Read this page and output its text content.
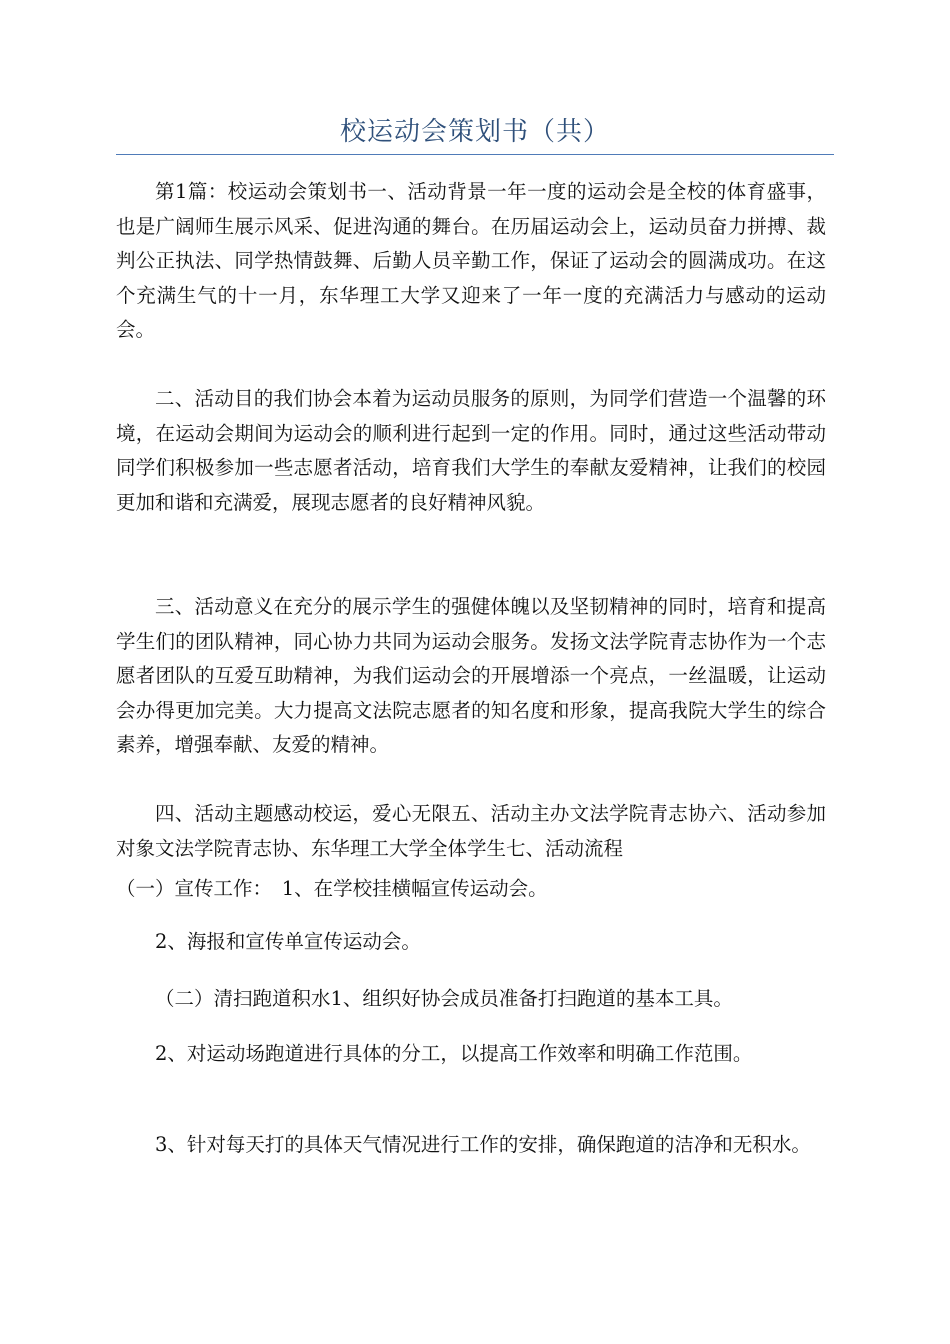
校运动会策划书（共）

第1篇：校运动会策划书一、活动背景一年一度的运动会是全校的体育盛事，也是广阔师生展示风采、促进沟通的舞台。在历届运动会上，运动员奋力拼搏、裁判公正执法、同学热情鼓舞、后勤人员辛勤工作，保证了运动会的圆满成功。在这个充满生气的十一月，东华理工大学又迎来了一年一度的充满活力与感动的运动会。

二、活动目的我们协会本着为运动员服务的原则，为同学们营造一个温馨的环境，在运动会期间为运动会的顺利进行起到一定的作用。同时，通过这些活动带动同学们积极参加一些志愿者活动，培育我们大学生的奉献友爱精神，让我们的校园更加和谐和充满爱，展现志愿者的良好精神风貌。

三、活动意义在充分的展示学生的强健体魄以及坚韧精神的同时，培育和提高学生们的团队精神，同心协力共同为运动会服务。发扬文法学院青志协作为一个志愿者团队的互爱互助精神，为我们运动会的开展增添一个亮点，一丝温暖，让运动会办得更加完美。大力提高文法院志愿者的知名度和形象，提高我院大学生的综合素养，增强奉献、友爱的精神。

四、活动主题感动校运，爱心无限五、活动主办文法学院青志协六、活动参加对象文法学院青志协、东华理工大学全体学生七、活动流程

（一）宣传工作：　1、在学校挂横幅宣传运动会。

2、海报和宣传单宣传运动会。

（二）清扫跑道积水1、组织好协会成员准备打扫跑道的基本工具。

2、对运动场跑道进行具体的分工，以提高工作效率和明确工作范围。

3、针对每天打的具体天气情况进行工作的安排，确保跑道的洁净和无积水。
